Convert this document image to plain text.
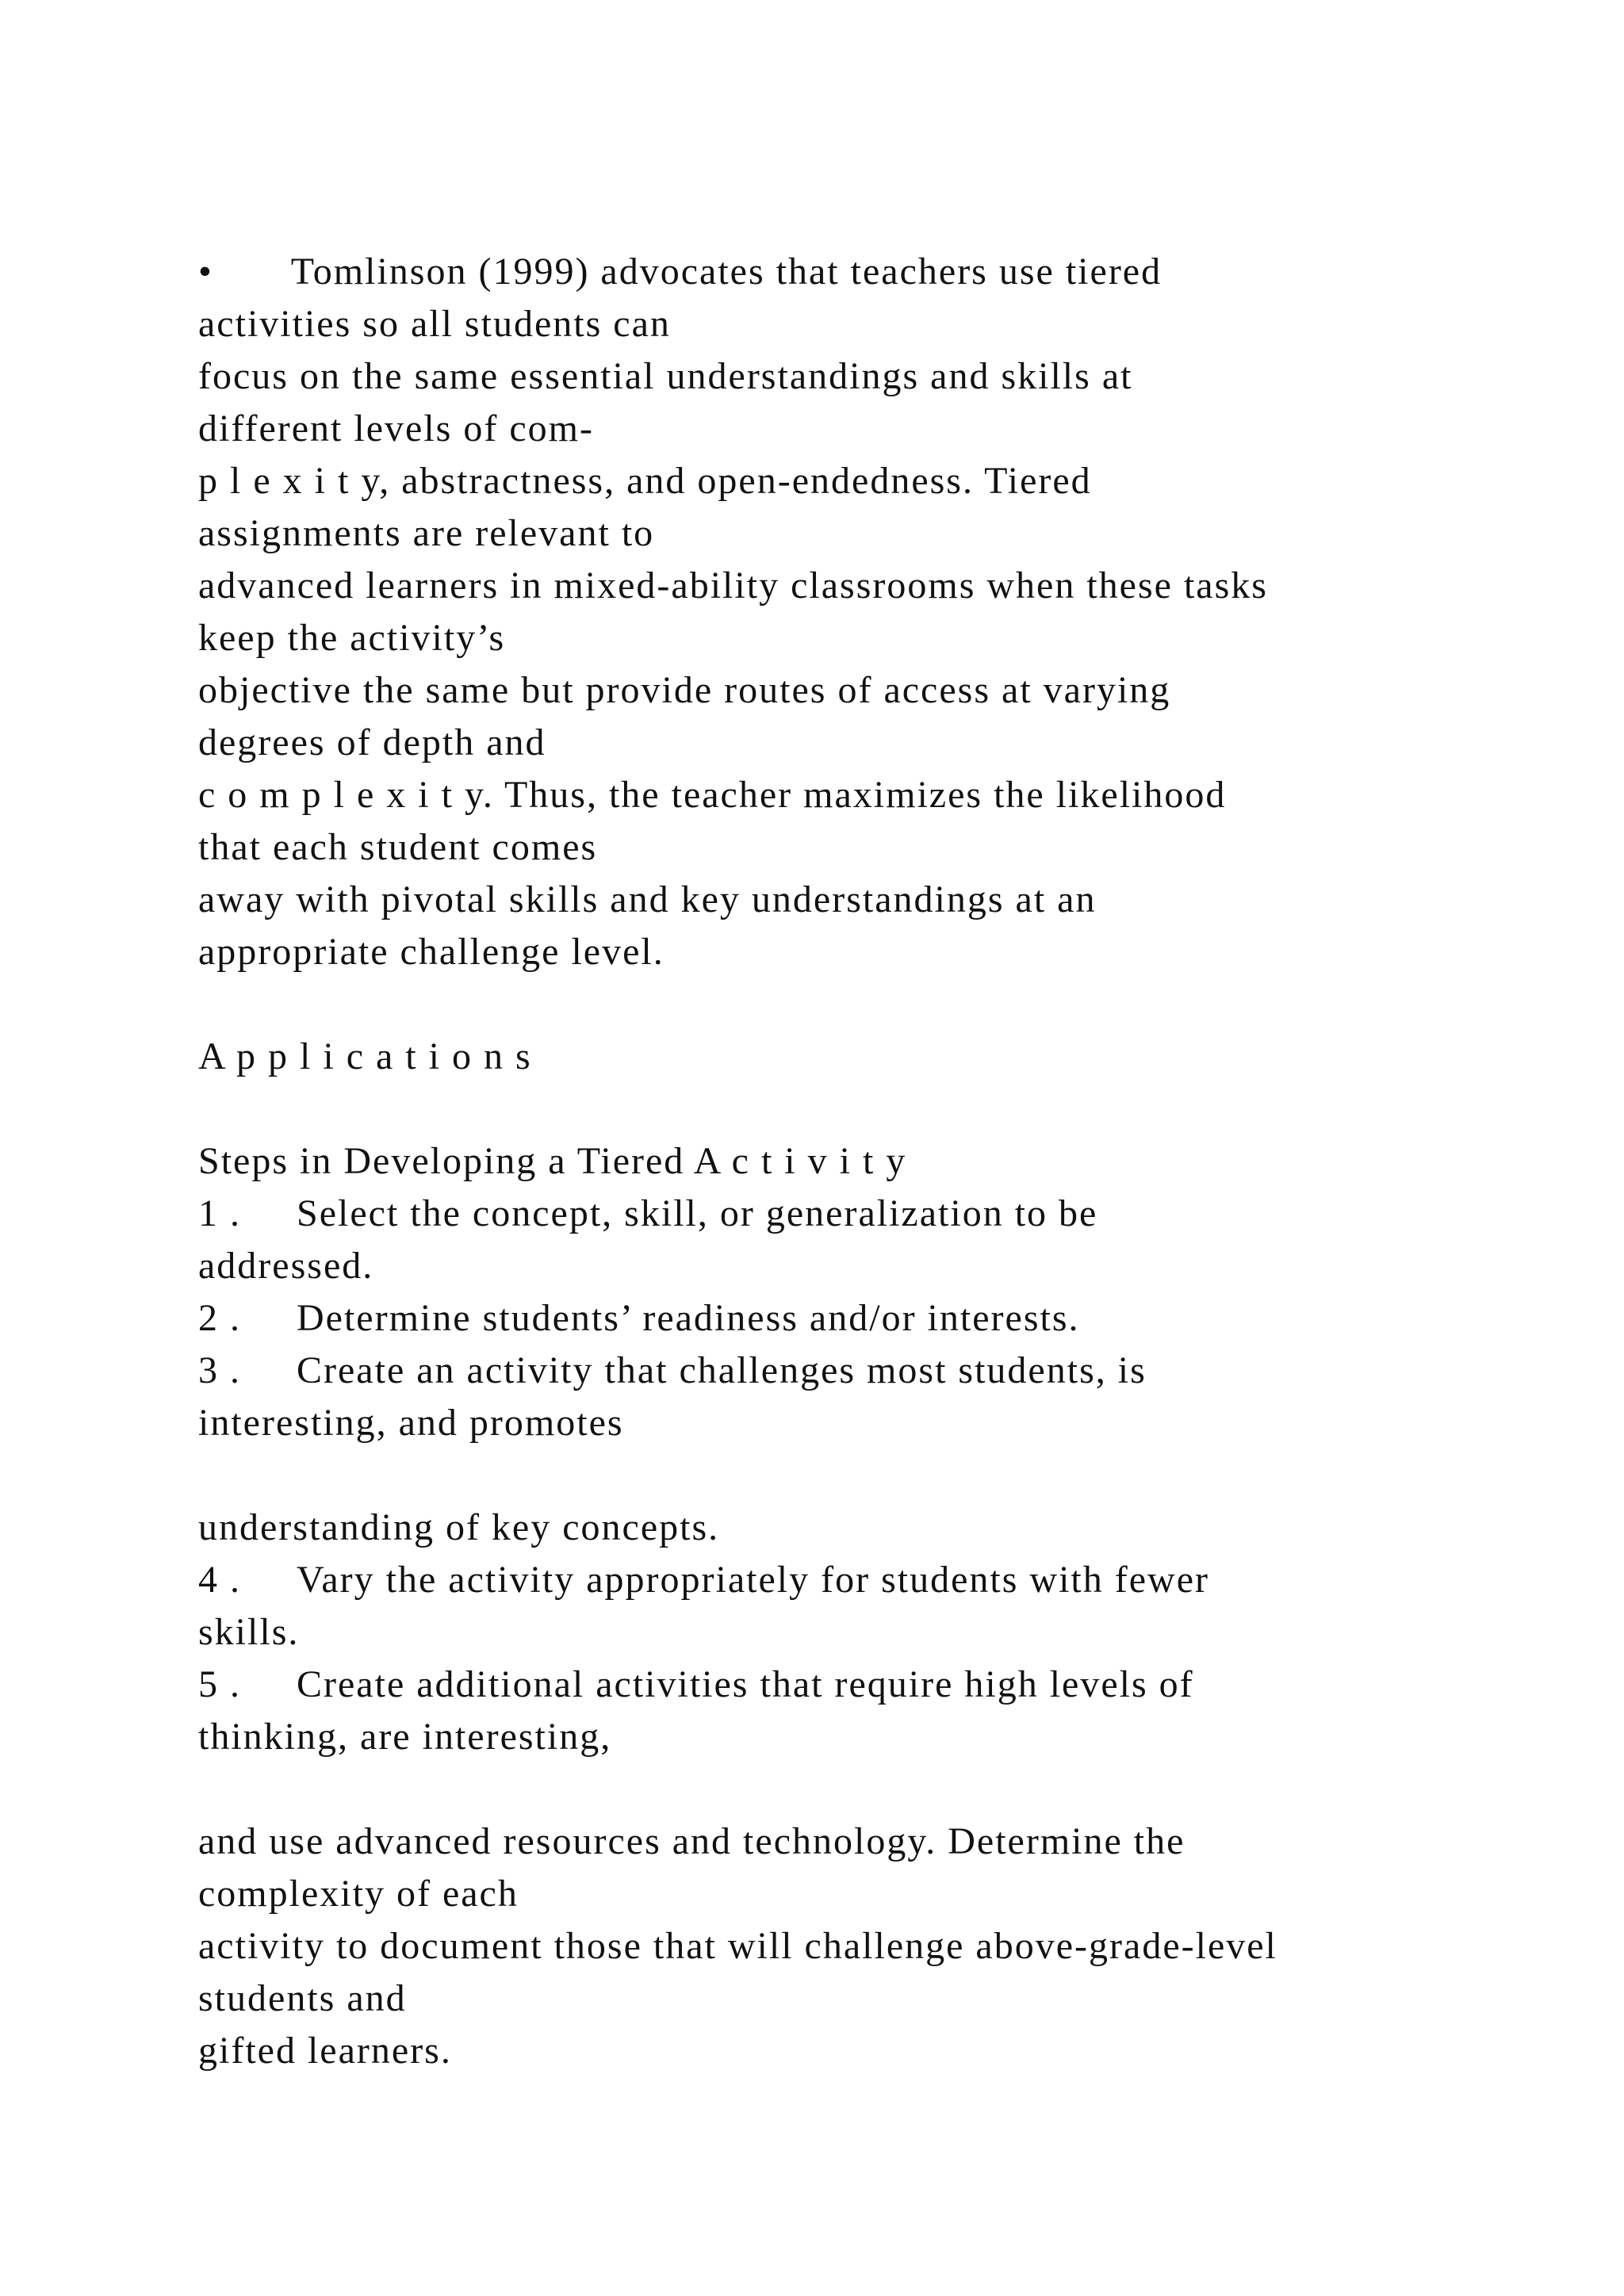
•       Tomlinson (1999) advocates that teachers use tiered
activities so all students can
focus on the same essential understandings and skills at
different levels of com-
p l e x i t y, abstractness, and open-endedness. Tiered
assignments are relevant to
advanced learners in mixed-ability classrooms when these tasks
keep the activity’s
objective the same but provide routes of access at varying
degrees of depth and
c o m p l e x i t y. Thus, the teacher maximizes the likelihood
that each student comes
away with pivotal skills and key understandings at an
appropriate challenge level.
A p p l i c a t i o n s
Steps in Developing a Tiered A c t i v i t y
1 .     Select the concept, skill, or generalization to be
addressed.
2 .     Determine students’ readiness and/or interests.
3 .     Create an activity that challenges most students, is
interesting, and promotes
understanding of key concepts.
4 .     Vary the activity appropriately for students with fewer
skills.
5 .     Create additional activities that require high levels of
thinking, are interesting,
and use advanced resources and technology. Determine the
complexity of each
activity to document those that will challenge above-grade-level
students and
gifted learners.
